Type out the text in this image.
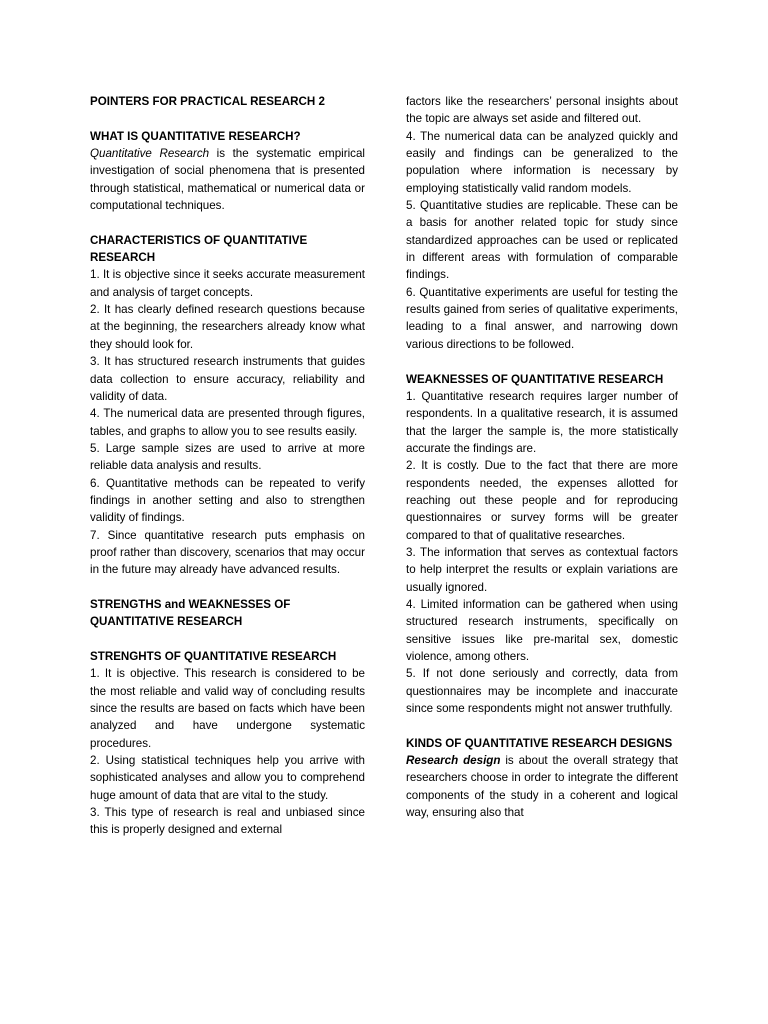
POINTERS FOR PRACTICAL RESEARCH 2

WHAT IS QUANTITATIVE RESEARCH?

Quantitative Research is the systematic empirical investigation of social phenomena that is presented through statistical, mathematical or numerical data or computational techniques.

CHARACTERISTICS OF QUANTITATIVE RESEARCH

1. It is objective since it seeks accurate measurement and analysis of target concepts.

2. It has clearly defined research questions because at the beginning, the researchers already know what they should look for.

3. It has structured research instruments that guides data collection to ensure accuracy, reliability and validity of data.

4. The numerical data are presented through figures, tables, and graphs to allow you to see results easily.

5. Large sample sizes are used to arrive at more reliable data analysis and results.

6. Quantitative methods can be repeated to verify findings in another setting and also to strengthen validity of findings.

7. Since quantitative research puts emphasis on proof rather than discovery, scenarios that may occur in the future may already have advanced results.

STRENGTHS and WEAKNESSES OF QUANTITATIVE RESEARCH

STRENGHTS OF QUANTITATIVE RESEARCH

1. It is objective. This research is considered to be the most reliable and valid way of concluding results since the results are based on facts which have been analyzed and have undergone systematic procedures.

2. Using statistical techniques help you arrive with sophisticated analyses and allow you to comprehend huge amount of data that are vital to the study.

3. This type of research is real and unbiased since this is properly designed and external

factors like the researchers’ personal insights about the topic are always set aside and filtered out.

4. The numerical data can be analyzed quickly and easily and findings can be generalized to the population where information is necessary by employing statistically valid random models.

5. Quantitative studies are replicable. These can be a basis for another related topic for study since standardized approaches can be used or replicated in different areas with formulation of comparable findings.

6. Quantitative experiments are useful for testing the results gained from series of qualitative experiments, leading to a final answer, and narrowing down various directions to be followed.

WEAKNESSES OF QUANTITATIVE RESEARCH

1. Quantitative research requires larger number of respondents. In a qualitative research, it is assumed that the larger the sample is, the more statistically accurate the findings are.

2. It is costly. Due to the fact that there are more respondents needed, the expenses allotted for reaching out these people and for reproducing questionnaires or survey forms will be greater compared to that of qualitative researches.

3. The information that serves as contextual factors to help interpret the results or explain variations are usually ignored.

4. Limited information can be gathered when using structured research instruments, specifically on sensitive issues like pre-marital sex, domestic violence, among others.

5. If not done seriously and correctly, data from questionnaires may be incomplete and inaccurate since some respondents might not answer truthfully.

KINDS OF QUANTITATIVE RESEARCH DESIGNS

Research design is about the overall strategy that researchers choose in order to integrate the different components of the study in a coherent and logical way, ensuring also that
